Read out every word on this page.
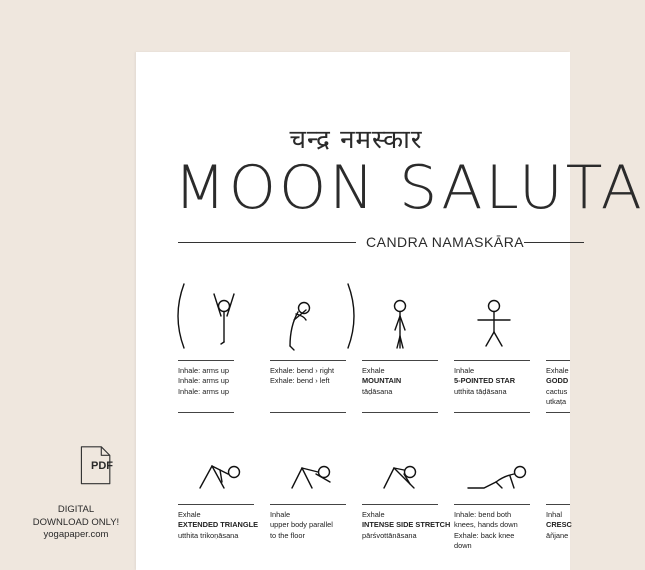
चन्द्र नमस्कार
MOON SALUTA
CANDRA NAMASKĀRA
Inhale: arms up
Inhale: arms up
Inhale: arms up
Exhale: bend › right
Exhale: bend › left
Exhale
MOUNTAIN
tāḍāsana
Inhale
5-POINTED STAR
utthita tāḍāsana
Exhale
GODD
cactus
utkaṭa
Exhale
EXTENDED TRIANGLE
utthita trikoṇāsana
Inhale
upper body parallel
to the floor
Exhale
INTENSE SIDE STRETCH
pārśvottānāsana
Inhale: bend both
knees, hands down
Exhale: back knee
down
Inhal
CRESC
āñjane
PDF
DIGITAL
DOWNLOAD ONLY!
yogapaper.com
